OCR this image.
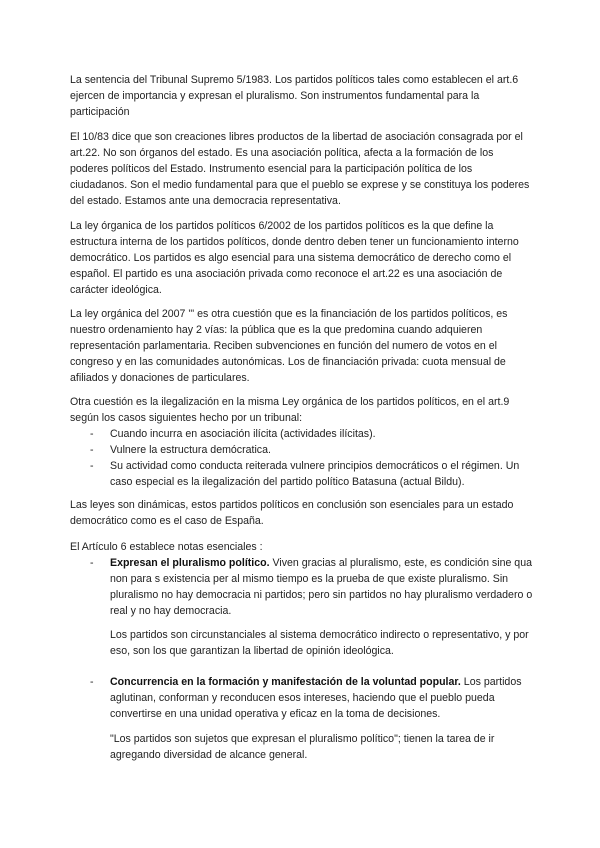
La sentencia del Tribunal Supremo 5/1983. Los partidos políticos tales como establecen el art.6 ejercen de importancia y expresan el pluralismo. Son instrumentos fundamental para la participación

El 10/83 dice que son creaciones libres productos de la libertad de asociación consagrada por el art.22. No son órganos del estado. Es una asociación política, afecta a la formación de los poderes políticos del Estado. Instrumento esencial para la participación política de los ciudadanos. Son el medio fundamental para que el pueblo se exprese y se constituya los poderes del estado. Estamos ante una democracia representativa.

La ley órganica de los partidos políticos 6/2002 de los partidos políticos es la que define la estructura interna de los partidos políticos, donde dentro deben tener un funcionamiento interno democrático. Los partidos es algo esencial para una sistema democrático de derecho como el español. El partido es una asociación privada como reconoce el art.22 es una asociación de carácter ideológica.

La ley orgánica del 2007 '" es otra cuestión que es la financiación de los partidos políticos, es nuestro ordenamiento hay 2 vías: la pública que es la que predomina cuando adquieren representación parlamentaria. Reciben subvenciones en función del numero de votos en el congreso y en las comunidades autonómicas. Los de financiación privada: cuota mensual de afiliados y donaciones de particulares.

Otra cuestión es la ilegalización en la misma Ley orgánica de los partidos políticos, en el art.9 según los casos siguientes hecho por un tribunal:

- Cuando incurra en asociación ilícita (actividades ilícitas).
- Vulnere la estructura demócratica.
- Su actividad como conducta reiterada vulnere principios democráticos o el régimen. Un caso especial es la ilegalización del partido político Batasuna (actual Bildu).

Las leyes son dinámicas, estos partidos políticos en conclusión son esenciales para un estado democrático como es el caso de España.

El Artículo 6 establece notas esenciales :

- Expresan el pluralismo político. Viven gracias al pluralismo, este, es condición sine qua non para s existencia per al mismo tiempo es la prueba de que existe pluralismo. Sin pluralismo no hay democracia ni partidos; pero sin partidos no hay pluralismo verdadero o real y no hay democracia.

Los partidos son circunstanciales al sistema democrático indirecto o representativo, y por eso, son los que garantizan la libertad de opinión ideológica.

- Concurrencia en la formación y manifestación de la voluntad popular. Los partidos aglutinan, conforman y reconducen esos intereses, haciendo que el pueblo pueda convertirse en una unidad operativa y eficaz en la toma de decisiones.

"Los partidos son sujetos que expresan el pluralismo político"; tienen la tarea de ir agregando diversidad de alcance general.
